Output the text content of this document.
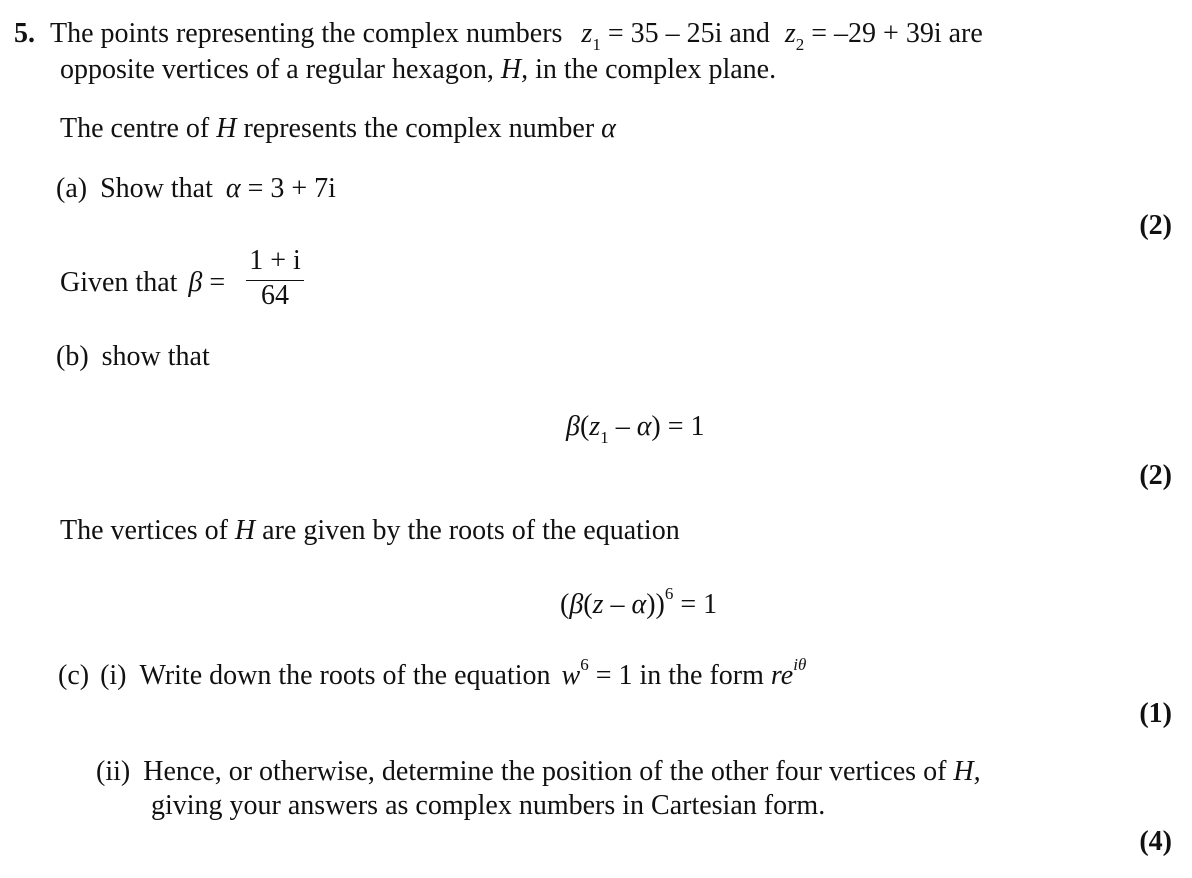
5. The points representing the complex numbers $z_1 = 35 - 25i$ and $z_2 = -29 + 39i$ are
opposite vertices of a regular hexagon, H, in the complex plane.
The centre of H represents the complex number α
(a) Show that α = 3 + 7i
(2)
Given that β =
1 + i
64
(b) show that
$\beta(z_1 - \alpha) = 1$
(2)
The vertices of H are given by the roots of the equation
(β(z – α))$^6$ = 1
(c) (i) Write down the roots of the equation $w^6 = 1$ in the form $re^{i\theta}$
(1)
(ii) Hence, or otherwise, determine the position of the other four vertices of H,
giving your answers as complex numbers in Cartesian form.
(4)
